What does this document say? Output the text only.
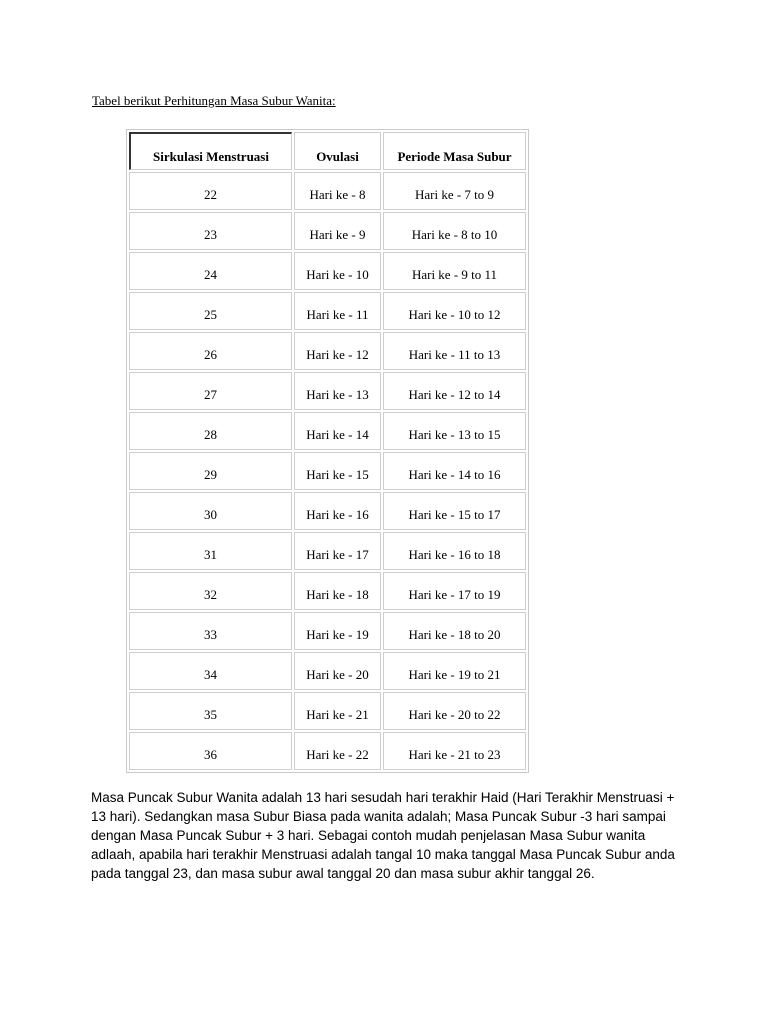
Tabel berikut Perhitungan Masa Subur Wanita:
Sirkulasi Menstruasi	Ovulasi	Periode Masa Subur
22	Hari ke - 8	Hari ke - 7 to 9
23	Hari ke - 9	Hari ke - 8 to 10
24	Hari ke - 10	Hari ke - 9 to 11
25	Hari ke - 11	Hari ke - 10 to 12
26	Hari ke - 12	Hari ke - 11 to 13
27	Hari ke - 13	Hari ke - 12 to 14
28	Hari ke - 14	Hari ke - 13 to 15
29	Hari ke - 15	Hari ke - 14 to 16
30	Hari ke - 16	Hari ke - 15 to 17
31	Hari ke - 17	Hari ke - 16 to 18
32	Hari ke - 18	Hari ke - 17 to 19
33	Hari ke - 19	Hari ke - 18 to 20
34	Hari ke - 20	Hari ke - 19 to 21
35	Hari ke - 21	Hari ke - 20 to 22
36	Hari ke - 22	Hari ke - 21 to 23
Masa Puncak Subur Wanita adalah 13 hari sesudah hari terakhir Haid (Hari Terakhir Menstruasi + 13 hari). Sedangkan masa Subur Biasa pada wanita adalah; Masa Puncak Subur -3 hari sampai dengan Masa Puncak Subur + 3 hari. Sebagai contoh mudah penjelasan Masa Subur wanita adlaah, apabila hari terakhir Menstruasi adalah tangal 10 maka tanggal Masa Puncak Subur anda pada tanggal 23, dan masa subur awal tanggal 20 dan masa subur akhir tanggal 26.
